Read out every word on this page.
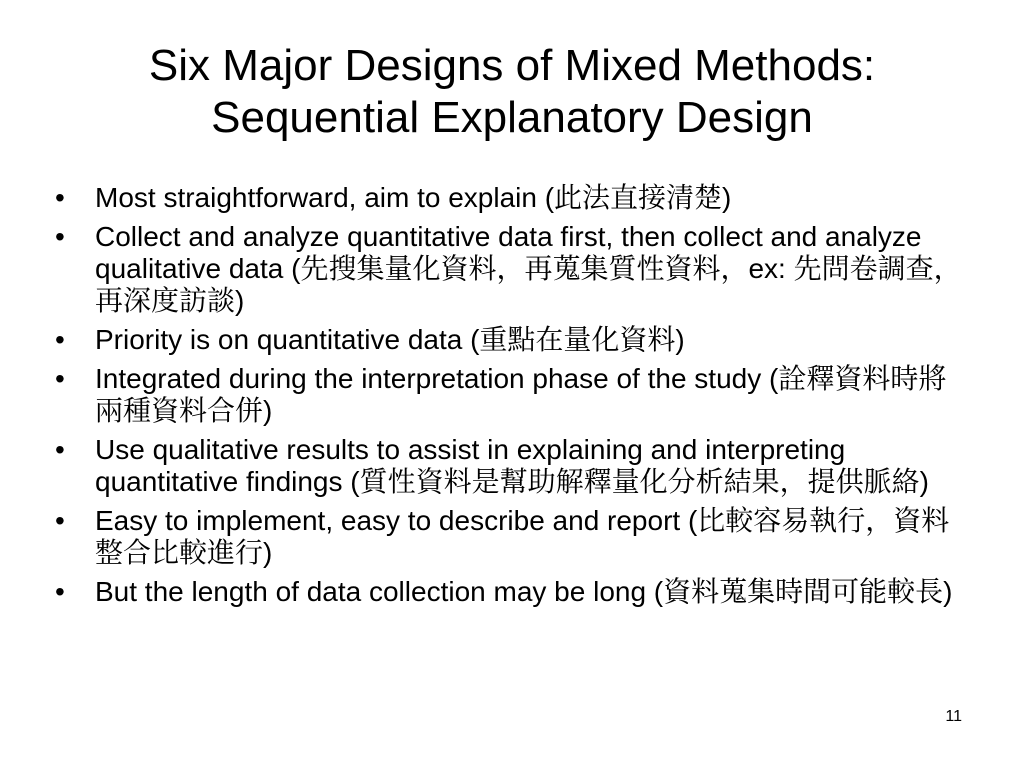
Six Major Designs of Mixed Methods:
Sequential Explanatory Design
• Most straightforward, aim to explain (此法直接清楚)
• Collect and analyze quantitative data first, then collect and analyze qualitative data (先搜集量化資料，再蒐集質性資料，ex: 先問卷調查，再深度訪談)
• Priority is on quantitative data (重點在量化資料)
• Integrated during the interpretation phase of the study (詮釋資料時將兩種資料合併)
• Use qualitative results to assist in explaining and interpreting quantitative findings (質性資料是幫助解釋量化分析結果，提供脈絡)
• Easy to implement, easy to describe and report (比較容易執行，資料整合比較進行)
• But the length of data collection may be long (資料蒐集時間可能較長)
11
